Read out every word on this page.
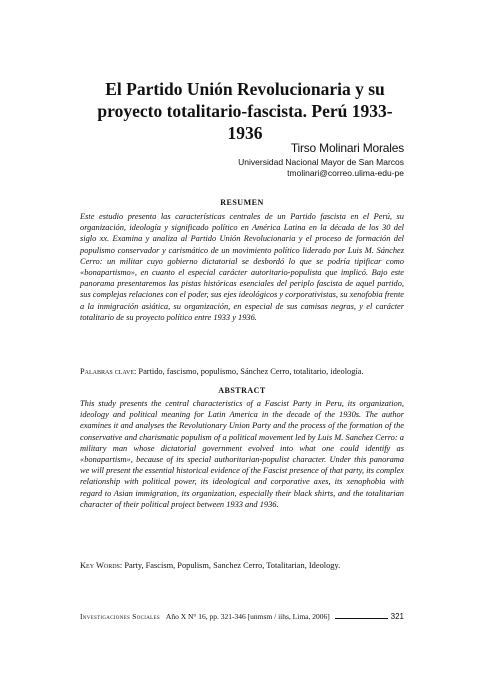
El Partido Unión Revolucionaria y su proyecto totalitario-fascista. Perú 1933-1936
Tirso Molinari Morales
Universidad Nacional Mayor de San Marcos
tmolinari@correo.ulima-edu-pe
RESUMEN
Este estudio presenta las características centrales de un Partido fascista en el Perú, su organización, ideología y significado político en América Latina en la década de los 30 del siglo xx. Examina y analiza al Partido Unión Revolucionaria y el proceso de formación del populismo conservador y carismático de un movimiento político liderado por Luis M. Sánchez Cerro: un militar cuyo gobierno dictatorial se desbordó lo que se podría tipificar como «bonapartismo», en cuanto el especial carácter autoritario-populista que implicó. Bajo este panorama presentaremos las pistas históricas esenciales del periplo fascista de aquel partido, sus complejas relaciones con el poder, sus ejes ideológicos y corporativistas, su xenofobia frente a la inmigración asiática, su organización, en especial de sus camisas negras, y el carácter totalitario de su proyecto político entre 1933 y 1936.
Palabras clave: Partido, fascismo, populismo, Sánchez Cerro, totalitario, ideología.
ABSTRACT
This study presents the central characteristics of a Fascist Party in Peru, its organization, ideology and political meaning for Latin America in the decade of the 1930s. The author examines it and analyses the Revolutionary Union Party and the process of the formation of the conservative and charismatic populism of a political movement led by Luis M. Sanchez Cerro: a military man whose dictatorial government evolved into what one could identify as «bonapartism», because of its special authoritarian-populist character. Under this panorama we will present the essential historical evidence of the Fascist presence of that party, its complex relationship with political power, its ideological and corporative axes, its xenophobia with regard to Asian immigration, its organization, especially their black shirts, and the totalitarian character of their political project between 1933 and 1936.
Key Words: Party, Fascism, Populism, Sanchez Cerro, Totalitarian, Ideology.
Investigaciones Sociales Año X N° 16, pp. 321-346 [unmsm / iihs, Lima, 2006]	321
